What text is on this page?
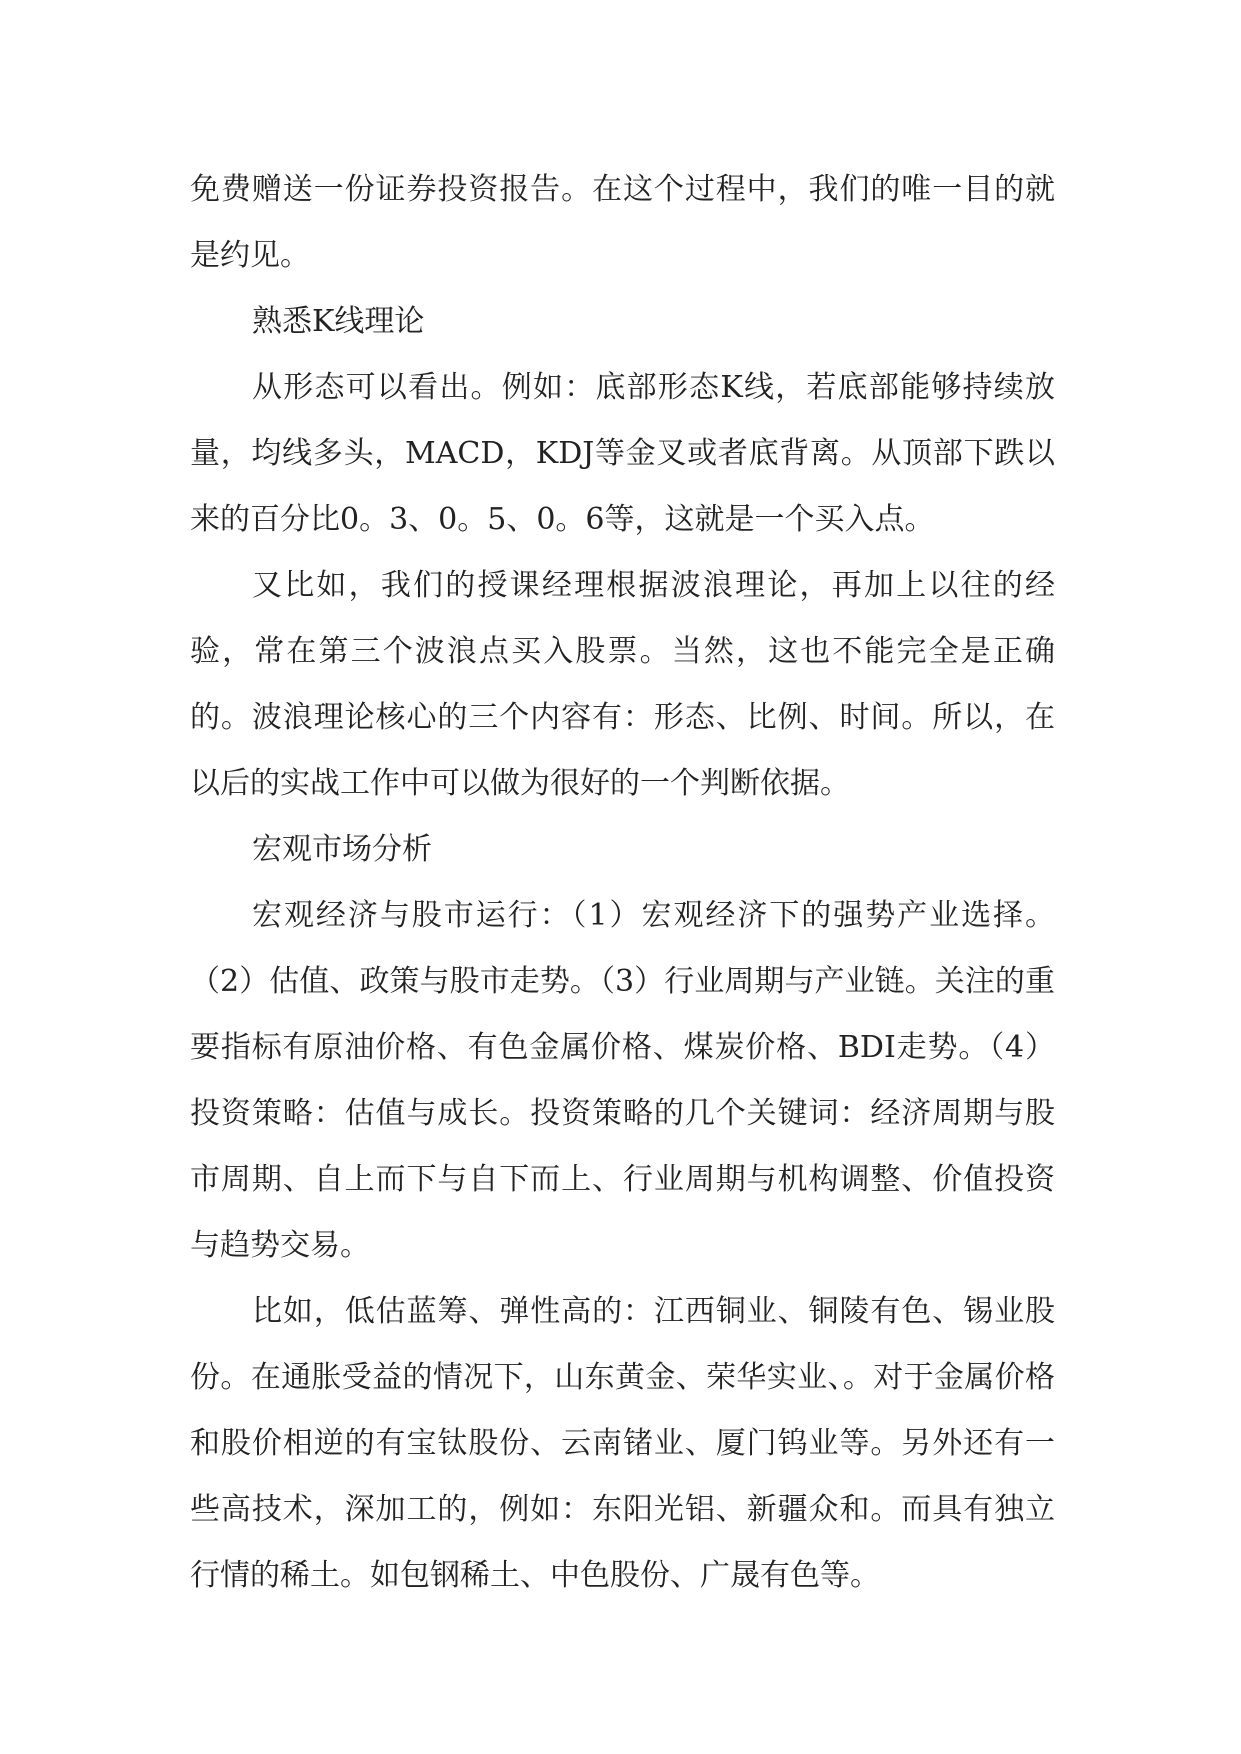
免费赠送一份证券投资报告。在这个过程中，我们的唯一目的就是约见。

熟悉K线理论

从形态可以看出。例如：底部形态K线，若底部能够持续放量，均线多头，MACD，KDJ等金叉或者底背离。从顶部下跌以来的百分比0。3、0。5、0。6等，这就是一个买入点。

又比如，我们的授课经理根据波浪理论，再加上以往的经验，常在第三个波浪点买入股票。当然，这也不能完全是正确的。波浪理论核心的三个内容有：形态、比例、时间。所以，在以后的实战工作中可以做为很好的一个判断依据。

宏观市场分析

宏观经济与股市运行：（1）宏观经济下的强势产业选择。（2）估值、政策与股市走势。（3）行业周期与产业链。关注的重要指标有原油价格、有色金属价格、煤炭价格、BDI走势。（4）投资策略：估值与成长。投资策略的几个关键词：经济周期与股市周期、自上而下与自下而上、行业周期与机构调整、价值投资与趋势交易。

比如，低估蓝筹、弹性高的：江西铜业、铜陵有色、锡业股份。在通胀受益的情况下，山东黄金、荣华实业、。对于金属价格和股价相逆的有宝钛股份、云南锗业、厦门钨业等。另外还有一些高技术，深加工的，例如：东阳光铝、新疆众和。而具有独立行情的稀土。如包钢稀土、中色股份、广晟有色等。
